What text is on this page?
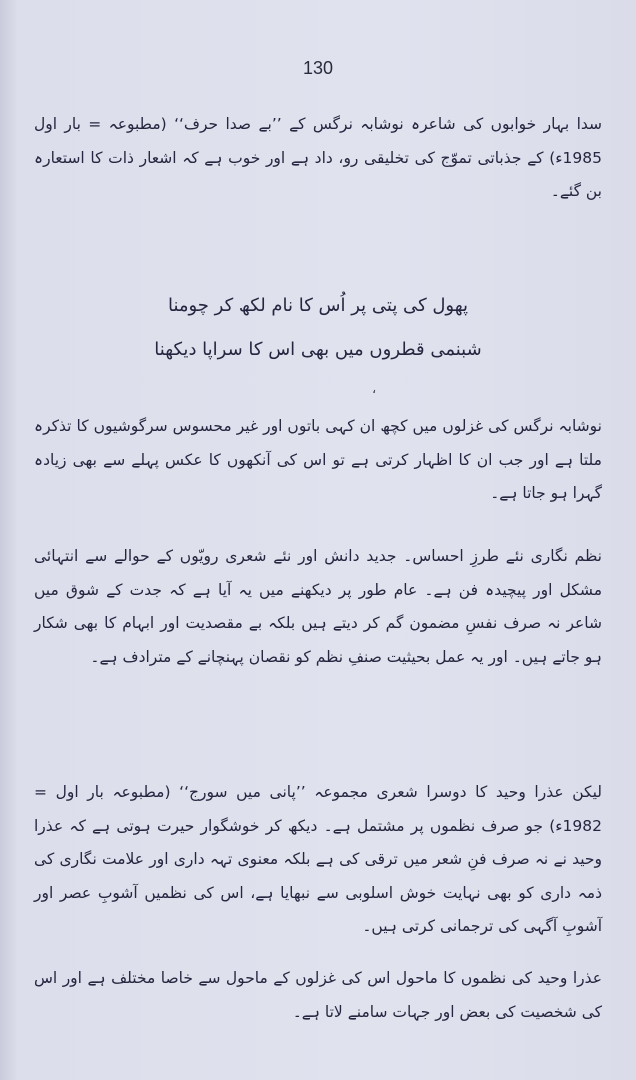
130
سدا بہار خوابوں کی شاعرہ نوشابہ نرگس کے ’’بے صدا حرف‘‘ (مطبوعہ = بار اول 1985ء) کے جذباتی تموّج کی تخلیقی رو، داد ہے اور خوب ہے کہ اشعار ذات کا استعارہ بن گئے۔
پھول کی پتی پر اُس کا نام لکھ کر چومنا
شبنمی قطروں میں بھی اس کا سراپا دیکھنا
،
نوشابہ نرگس کی غزلوں میں کچھ ان کہی باتوں اور غیر محسوس سرگوشیوں کا تذکرہ ملتا ہے اور جب ان کا اظہار کرتی ہے تو اس کی آنکھوں کا عکس پہلے سے بھی زیادہ گہرا ہو جاتا ہے۔
نظم نگاری نئے طرزِ احساس۔ جدید دانش اور نئے شعری رویّوں کے حوالے سے انتہائی مشکل اور پیچیدہ فن ہے۔ عام طور پر دیکھنے میں یہ آیا ہے کہ جدت کے شوق میں شاعر نہ صرف نفسِ مضمون گم کر دیتے ہیں بلکہ بے مقصدیت اور ابہام کا بھی شکار ہو جاتے ہیں۔ اور یہ عمل بحیثیت صنفِ نظم کو نقصان پہنچانے کے مترادف ہے۔
لیکن عذرا وحید کا دوسرا شعری مجموعہ ’’پانی میں سورج‘‘ (مطبوعہ بار اول = 1982ء) جو صرف نظموں پر مشتمل ہے۔ دیکھ کر خوشگوار حیرت ہوتی ہے کہ عذرا وحید نے نہ صرف فنِ شعر میں ترقی کی ہے بلکہ معنوی تہہ داری اور علامت نگاری کی ذمہ داری کو بھی نہایت خوش اسلوبی سے نبھایا ہے، اس کی نظمیں آشوبِ عصر اور آشوبِ آگہی کی ترجمانی کرتی ہیں۔
عذرا وحید کی نظموں کا ماحول اس کی غزلوں کے ماحول سے خاصا مختلف ہے اور اس کی شخصیت کی بعض اور جہات سامنے لاتا ہے۔
